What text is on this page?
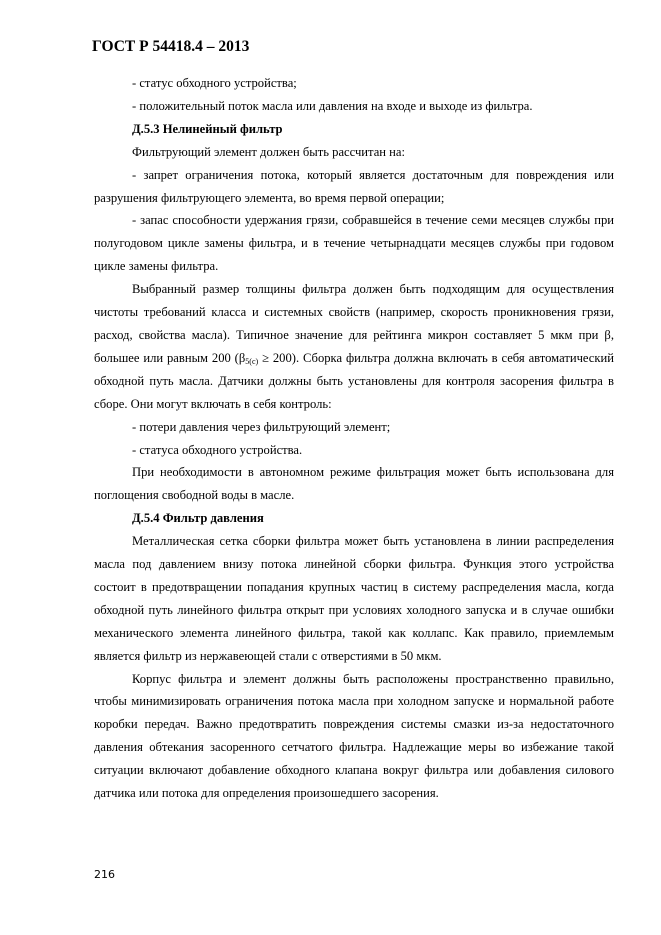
ГОСТ Р 54418.4 – 2013

- статус обходного устройства;

- положительный поток масла или давления на входе и выходе из фильтра.

Д.5.3 Нелинейный фильтр

Фильтрующий элемент должен быть рассчитан на:

- запрет ограничения потока, который является достаточным для повреждения или разрушения фильтрующего элемента, во время первой операции;

- запас способности удержания грязи, собравшейся в течение семи месяцев службы при полугодовом цикле замены фильтра, и в течение четырнадцати месяцев службы при годовом цикле замены фильтра.

Выбранный размер толщины фильтра должен быть подходящим для осуществления чистоты требований класса и системных свойств (например, скорость проникновения грязи, расход, свойства масла). Типичное значение для рейтинга микрон составляет 5 мкм при β, большее или равным 200 $(\beta_{5(c)} \ge 200)$. Сборка фильтра должна включать в себя автоматический обходной путь масла. Датчики должны быть установлены для контроля засорения фильтра в сборе. Они могут включать в себя контроль:

- потери давления через фильтрующий элемент;

- статуса обходного устройства.

При необходимости в автономном режиме фильтрация может быть использована для поглощения свободной воды в масле.

Д.5.4 Фильтр давления

Металлическая сетка сборки фильтра может быть установлена в линии распределения масла под давлением внизу потока линейной сборки фильтра. Функция этого устройства состоит в предотвращении попадания крупных частиц в систему распределения масла, когда обходной путь линейного фильтра открыт при условиях холодного запуска и в случае ошибки механического элемента линейного фильтра, такой как коллапс. Как правило, приемлемым является фильтр из нержавеющей стали с отверстиями в 50 мкм.

Корпус фильтра и элемент должны быть расположены пространственно правильно, чтобы минимизировать ограничения потока масла при холодном запуске и нормальной работе коробки передач. Важно предотвратить повреждения системы смазки из-за недостаточного давления обтекания засоренного сетчатого фильтра. Надлежащие меры во избежание такой ситуации включают добавление обходного клапана вокруг фильтра или добавления силового датчика или потока для определения произошедшего засорения.

216
